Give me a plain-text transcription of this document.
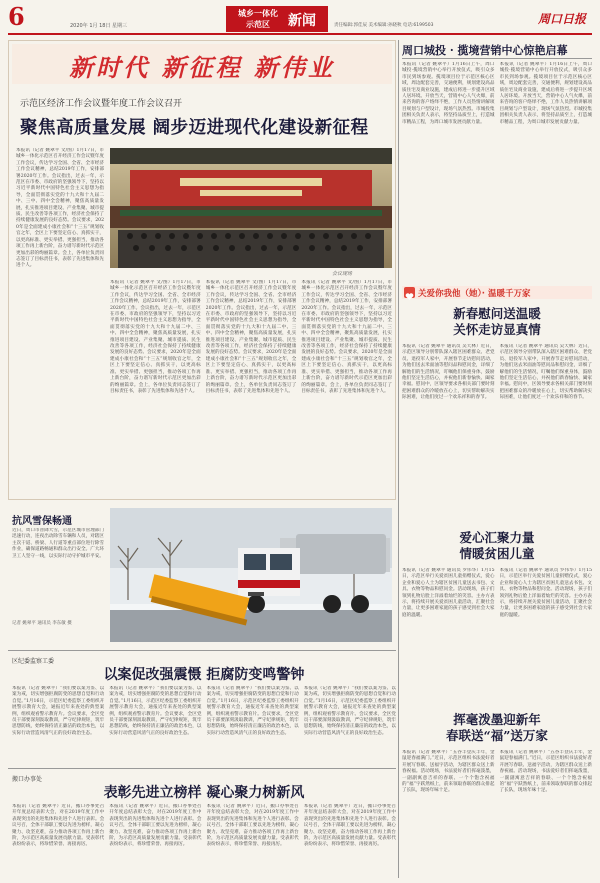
6	2020年 1月 18日 星期三
城乡一体化
示范区	新闻	责任编辑:郭佳辰 美术编辑:孙晓秋 电话:6199503	周口日报
新时代 新征程 新伟业
示范区经济工作会议暨年度工作会议召开
聚焦高质量发展 阔步迈进现代化建设新征程
本报讯（记者 姚翠平 文/图）1月17日，市城乡一体化示范区召开经济工作会议暨年度工作会议，传达学习全国、全省、全市经济工作会议精神，总结2019年工作，安排部署2020年工作。会议指出，过去一年，示范区在市委、市政府的坚强领导下，坚持以习近平新时代中国特色社会主义思想为指导，全面贯彻落实党的十九大和十九届二中、三中、四中全会精神，聚焦高质量发展，扎实推进项目建设、产业集聚、城市提质、民生改善等各项工作，经济社会保持了持续健康发展的良好态势。会议要求，2020年是全面建成小康社会和“十三五”规划收官之年，全区上下要坚定信心、真抓实干，以更高标准、更实举措、更强担当，推动各项工作再上新台阶，奋力谱写新时代示范区更加出彩的绚丽篇章。会上，各单位负责同志签订了目标责任书，表彰了先进集体和先进个人。
会议现场
本报讯（记者 姚翠平 文/图）1月17日，市城乡一体化示范区召开经济工作会议暨年度工作会议，传达学习全国、全省、全市经济工作会议精神，总结2019年工作，安排部署2020年工作。会议指出，过去一年，示范区在市委、市政府的坚强领导下，坚持以习近平新时代中国特色社会主义思想为指导，全面贯彻落实党的十九大和十九届二中、三中、四中全会精神，聚焦高质量发展，扎实推进项目建设、产业集聚、城市提质、民生改善等各项工作，经济社会保持了持续健康发展的良好态势。会议要求，2020年是全面建成小康社会和“十三五”规划收官之年，全区上下要坚定信心、真抓实干，以更高标准、更实举措、更强担当，推动各项工作再上新台阶，奋力谱写新时代示范区更加出彩的绚丽篇章。会上，各单位负责同志签订了目标责任书，表彰了先进集体和先进个人。
本报讯（记者 姚翠平 文/图）1月17日，市城乡一体化示范区召开经济工作会议暨年度工作会议，传达学习全国、全省、全市经济工作会议精神，总结2019年工作，安排部署2020年工作。会议指出，过去一年，示范区在市委、市政府的坚强领导下，坚持以习近平新时代中国特色社会主义思想为指导，全面贯彻落实党的十九大和十九届二中、三中、四中全会精神，聚焦高质量发展，扎实推进项目建设、产业集聚、城市提质、民生改善等各项工作，经济社会保持了持续健康发展的良好态势。会议要求，2020年是全面建成小康社会和“十三五”规划收官之年，全区上下要坚定信心、真抓实干，以更高标准、更实举措、更强担当，推动各项工作再上新台阶，奋力谱写新时代示范区更加出彩的绚丽篇章。会上，各单位负责同志签订了目标责任书，表彰了先进集体和先进个人。
本报讯（记者 姚翠平 文/图）1月17日，市城乡一体化示范区召开经济工作会议暨年度工作会议，传达学习全国、全省、全市经济工作会议精神，总结2019年工作，安排部署2020年工作。会议指出，过去一年，示范区在市委、市政府的坚强领导下，坚持以习近平新时代中国特色社会主义思想为指导，全面贯彻落实党的十九大和十九届二中、三中、四中全会精神，聚焦高质量发展，扎实推进项目建设、产业集聚、城市提质、民生改善等各项工作，经济社会保持了持续健康发展的良好态势。会议要求，2020年是全面建成小康社会和“十三五”规划收官之年，全区上下要坚定信心、真抓实干，以更高标准、更实举措、更强担当，推动各项工作再上新台阶，奋力谱写新时代示范区更加出彩的绚丽篇章。会上，各单位负责同志签订了目标责任书，表彰了先进集体和先进个人。
周口城投 · 揽境营销中心惊艳启幕
本报讯（记者 姚翠平）1月16日上午，周口城投·揽境营销中心举行开放仪式，吸引众多市民到场参观。揽境项目位于示范区核心区域，周边配套完善，交通便利，规划建设高品质住宅及商业设施，建成后将进一步提升区域人居环境。开放当天，营销中心人气火爆，前来咨询的客户络绎不绝，工作人员热情讲解项目规划与户型设计，现场气氛热烈。市城投集团相关负责人表示，将坚持品质至上，打造城市精品工程，为周口城市发展贡献力量。
本报讯（记者 姚翠平）1月16日上午，周口城投·揽境营销中心举行开放仪式，吸引众多市民到场参观。揽境项目位于示范区核心区域，周边配套完善，交通便利，规划建设高品质住宅及商业设施，建成后将进一步提升区域人居环境。开放当天，营销中心人气火爆，前来咨询的客户络绎不绝，工作人员热情讲解项目规划与户型设计，现场气氛热烈。市城投集团相关负责人表示，将坚持品质至上，打造城市精品工程，为周口城市发展贡献力量。
关爱你我他（她）· 温暖千万家
新春慰问送温暖
关怀走访显真情
本报讯（记者 姚翠平 通讯员 吴天林）近日，示范区领导分别带队深入辖区困难群众、老党员、退役军人家中，开展春节走访慰问活动，为他们送去米面油等慰问品和慰问金，详细了解他们的生活情况，叮嘱他们保重身体，鼓励他们坚定生活信心，并祝他们新春愉快、阖家幸福。慰问中，区领导要求各相关部门要时刻把困难群众的冷暖放在心上，切实帮助解决实际困难，让他们度过一个欢乐祥和的春节。
本报讯（记者 姚翠平 通讯员 吴天林）近日，示范区领导分别带队深入辖区困难群众、老党员、退役军人家中，开展春节走访慰问活动，为他们送去米面油等慰问品和慰问金，详细了解他们的生活情况，叮嘱他们保重身体，鼓励他们坚定生活信心，并祝他们新春愉快、阖家幸福。慰问中，区领导要求各相关部门要时刻把困难群众的冷暖放在心上，切实帮助解决实际困难，让他们度过一个欢乐祥和的春节。
爱心汇聚力量
情暖贫困儿童
本报讯（记者 姚翠平 通讯员 罗伟华）1月15日，示范区举行关爱贫困儿童捐赠仪式，爱心企业和爱心人士为辖区贫困儿童送去书包、文具、衣物等物品和慰问金。活动现场，孩子们领到礼物后脸上洋溢着灿烂的笑容。主办方表示，将持续开展关爱贫困儿童活动，汇聚社会力量，让更多困难家庭的孩子感受到社会大家庭的温暖。
本报讯（记者 姚翠平 通讯员 罗伟华）1月15日，示范区举行关爱贫困儿童捐赠仪式，爱心企业和爱心人士为辖区贫困儿童送去书包、文具、衣物等物品和慰问金。活动现场，孩子们领到礼物后脸上洋溢着灿烂的笑容。主办方表示，将持续开展关爱贫困儿童活动，汇聚社会力量，让更多困难家庭的孩子感受到社会大家庭的温暖。
挥毫泼墨迎新年
春联送“福”送万家
本报讯（记者 姚翠平）“五谷丰登庆丰年，金鼠迎春福满门。”近日，示范区组织书法爱好者开展写春联、送福字活动，为辖区群众送上新春祝福。活动现场，书法爱好者们挥毫泼墨，一副副寓意吉祥的春联、一个个饱含祝福的“福”字跃然纸上，前来领取春联的群众排起了长队，现场年味十足。
本报讯（记者 姚翠平）“五谷丰登庆丰年，金鼠迎春福满门。”近日，示范区组织书法爱好者开展写春联、送福字活动，为辖区群众送上新春祝福。活动现场，书法爱好者们挥毫泼墨，一副副寓意吉祥的春联、一个个饱含祝福的“福”字跃然纸上，前来领取春联的群众排起了长队，现场年味十足。
抗风雪保畅通
近日，周口市普降大雪，示范区城市管理部门迅速行动，连夜出动除雪车辆和人员，对辖区主次干道、桥梁、人行道等重点部位进行除雪作业，确保道路畅通和群众出行安全。广大环卫工人坚守一线，以实际行动守护城市平安。
记者 姚翠平 通讯员 李东敏 摄
区纪委监察工委
以案促改强震慑 拒腐防变鸣警钟
本报讯（记者 姚翠平）“我们要以案为鉴、以案为戒，切实增强拒腐防变的思想自觉和行动自觉。”1月16日，示范区纪委监察工委组织开展警示教育大会，通报近年来查处的典型案例，组织观看警示教育片。会议要求，全区党员干部要深刻汲取教训，严守纪律规矩，筑牢思想防线，始终保持清正廉洁的政治本色，以实际行动营造风清气正的良好政治生态。
本报讯（记者 姚翠平）“我们要以案为鉴、以案为戒，切实增强拒腐防变的思想自觉和行动自觉。”1月16日，示范区纪委监察工委组织开展警示教育大会，通报近年来查处的典型案例，组织观看警示教育片。会议要求，全区党员干部要深刻汲取教训，严守纪律规矩，筑牢思想防线，始终保持清正廉洁的政治本色，以实际行动营造风清气正的良好政治生态。
本报讯（记者 姚翠平）“我们要以案为鉴、以案为戒，切实增强拒腐防变的思想自觉和行动自觉。”1月16日，示范区纪委监察工委组织开展警示教育大会，通报近年来查处的典型案例，组织观看警示教育片。会议要求，全区党员干部要深刻汲取教训，严守纪律规矩，筑牢思想防线，始终保持清正廉洁的政治本色，以实际行动营造风清气正的良好政治生态。
本报讯（记者 姚翠平）“我们要以案为鉴、以案为戒，切实增强拒腐防变的思想自觉和行动自觉。”1月16日，示范区纪委监察工委组织开展警示教育大会，通报近年来查处的典型案例，组织观看警示教育片。会议要求，全区党员干部要深刻汲取教训，严守纪律规矩，筑牢思想防线，始终保持清正廉洁的政治本色，以实际行动营造风清气正的良好政治生态。
搬口办事处
表彰先进立榜样 凝心聚力树新风
本报讯（记者 姚翠平）近日，搬口办事处召开年度总结表彰大会，对在2019年度工作中表现突出的先进集体和先进个人进行表彰。会议号召，全体干部职工要以先进为榜样，凝心聚力、攻坚克难，奋力推动各项工作再上新台阶，为示范区高质量发展贡献力量。受表彰代表纷纷表示，将珍惜荣誉、再接再厉。
本报讯（记者 姚翠平）近日，搬口办事处召开年度总结表彰大会，对在2019年度工作中表现突出的先进集体和先进个人进行表彰。会议号召，全体干部职工要以先进为榜样，凝心聚力、攻坚克难，奋力推动各项工作再上新台阶，为示范区高质量发展贡献力量。受表彰代表纷纷表示，将珍惜荣誉、再接再厉。
本报讯（记者 姚翠平）近日，搬口办事处召开年度总结表彰大会，对在2019年度工作中表现突出的先进集体和先进个人进行表彰。会议号召，全体干部职工要以先进为榜样，凝心聚力、攻坚克难，奋力推动各项工作再上新台阶，为示范区高质量发展贡献力量。受表彰代表纷纷表示，将珍惜荣誉、再接再厉。
本报讯（记者 姚翠平）近日，搬口办事处召开年度总结表彰大会，对在2019年度工作中表现突出的先进集体和先进个人进行表彰。会议号召，全体干部职工要以先进为榜样，凝心聚力、攻坚克难，奋力推动各项工作再上新台阶，为示范区高质量发展贡献力量。受表彰代表纷纷表示，将珍惜荣誉、再接再厉。
